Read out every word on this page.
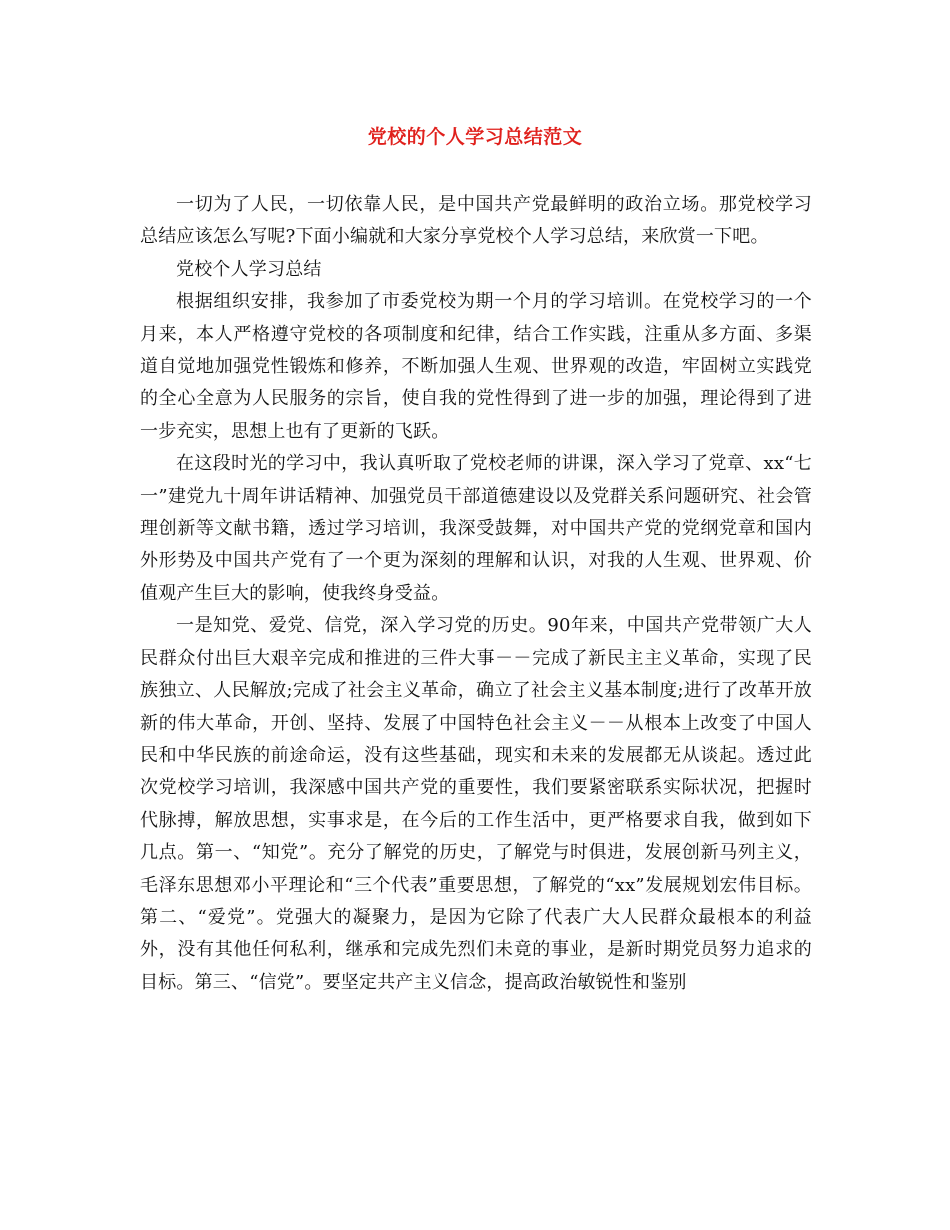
党校的个人学习总结范文

一切为了人民，一切依靠人民，是中国共产党最鲜明的政治立场。那党校学习总结应该怎么写呢?下面小编就和大家分享党校个人学习总结，来欣赏一下吧。

党校个人学习总结

根据组织安排，我参加了市委党校为期一个月的学习培训。在党校学习的一个月来，本人严格遵守党校的各项制度和纪律，结合工作实践，注重从多方面、多渠道自觉地加强党性锻炼和修养，不断加强人生观、世界观的改造，牢固树立实践党的全心全意为人民服务的宗旨，使自我的党性得到了进一步的加强，理论得到了进一步充实，思想上也有了更新的飞跃。

在这段时光的学习中，我认真听取了党校老师的讲课，深入学习了党章、xx“七一”建党九十周年讲话精神、加强党员干部道德建设以及党群关系问题研究、社会管理创新等文献书籍，透过学习培训，我深受鼓舞，对中国共产党的党纲党章和国内外形势及中国共产党有了一个更为深刻的理解和认识，对我的人生观、世界观、价值观产生巨大的影响，使我终身受益。

一是知党、爱党、信党，深入学习党的历史。90年来，中国共产党带领广大人民群众付出巨大艰辛完成和推进的三件大事－－完成了新民主主义革命，实现了民族独立、人民解放;完成了社会主义革命，确立了社会主义基本制度;进行了改革开放新的伟大革命，开创、坚持、发展了中国特色社会主义－－从根本上改变了中国人民和中华民族的前途命运，没有这些基础，现实和未来的发展都无从谈起。透过此次党校学习培训，我深感中国共产党的重要性，我们要紧密联系实际状况，把握时代脉搏，解放思想，实事求是，在今后的工作生活中，更严格要求自我，做到如下几点。第一、“知党”。充分了解党的历史，了解党与时俱进，发展创新马列主义，毛泽东思想邓小平理论和“三个代表”重要思想，了解党的“xx”发展规划宏伟目标。第二、“爱党”。党强大的凝聚力，是因为它除了代表广大人民群众最根本的利益外，没有其他任何私利，继承和完成先烈们未竟的事业，是新时期党员努力追求的目标。第三、“信党”。要坚定共产主义信念，提高政治敏锐性和鉴别
